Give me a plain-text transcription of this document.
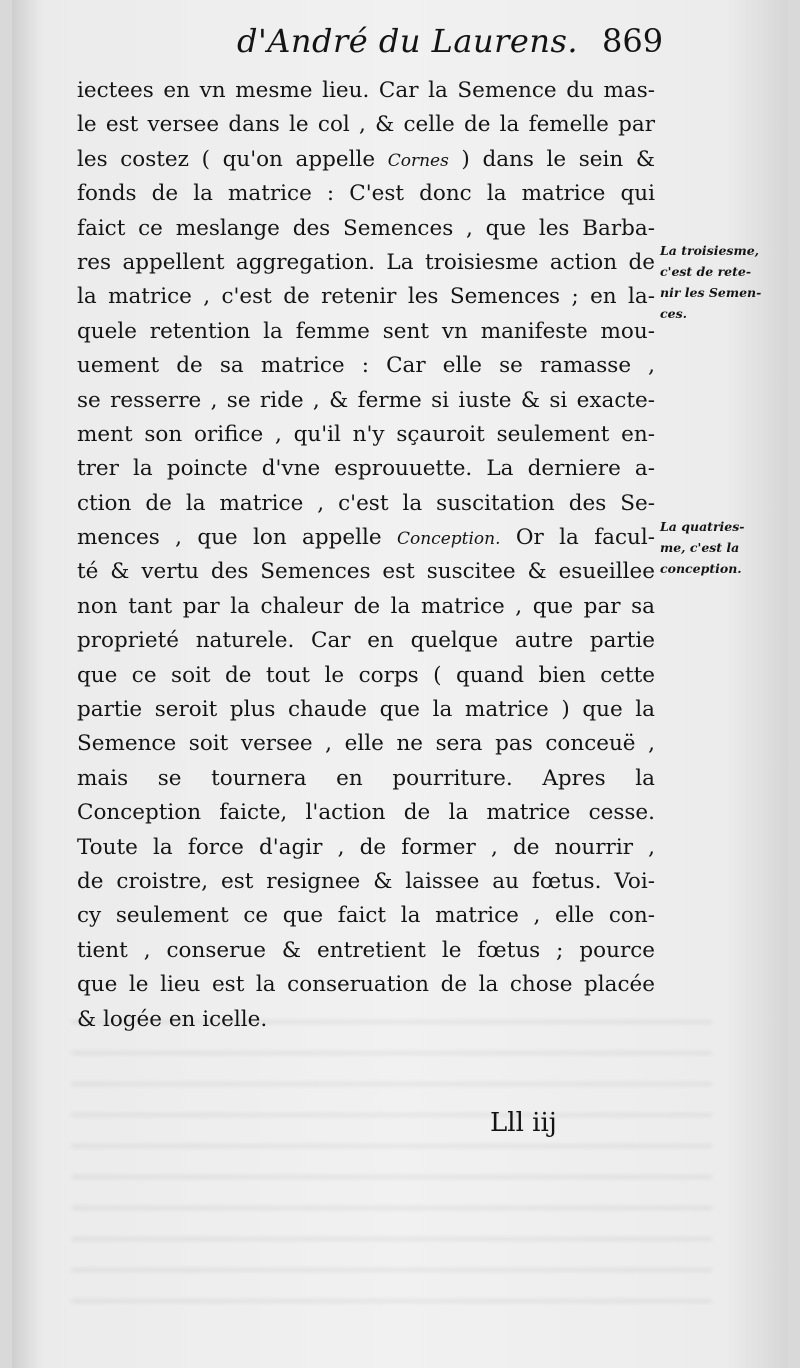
d'André du Laurens. 869
iectees en vn mesme lieu. Car la Semence du mas-
le est versee dans le col , & celle de la femelle par
les costez ( qu'on appelle Cornes ) dans le sein &
fonds de la matrice : C'est donc la matrice qui
faict ce meslange des Semences , que les Barba-
res appellent aggregation. La troisiesme action de
la matrice , c'est de retenir les Semences ; en la-
quele retention la femme sent vn manifeste mou-
uement de sa matrice : Car elle se ramasse ,
se resserre , se ride , & ferme si iuste & si exacte-
ment son orifice , qu'il n'y sçauroit seulement en-
trer la poincte d'vne esprouuette. La derniere a-
ction de la matrice , c'est la suscitation des Se-
mences , que lon appelle Conception. Or la facul-
té & vertu des Semences est suscitee & esueillee
non tant par la chaleur de la matrice , que par sa
proprieté naturele. Car en quelque autre partie
que ce soit de tout le corps ( quand bien cette
partie seroit plus chaude que la matrice ) que la
Semence soit versee , elle ne sera pas conceuë ,
mais se tournera en pourriture. Apres la
Conception faicte, l'action de la matrice cesse.
Toute la force d'agir , de former , de nourrir ,
de croistre, est resignee & laissee au fœtus. Voi-
cy seulement ce que faict la matrice , elle con-
tient , conserue & entretient le fœtus ; pource
que le lieu est la conseruation de la chose placée
& logée en icelle.
La troisiesme,
c'est de rete-
nir les Semen-
ces.
La quatries-
me, c'est la
conception.
Lll iij
